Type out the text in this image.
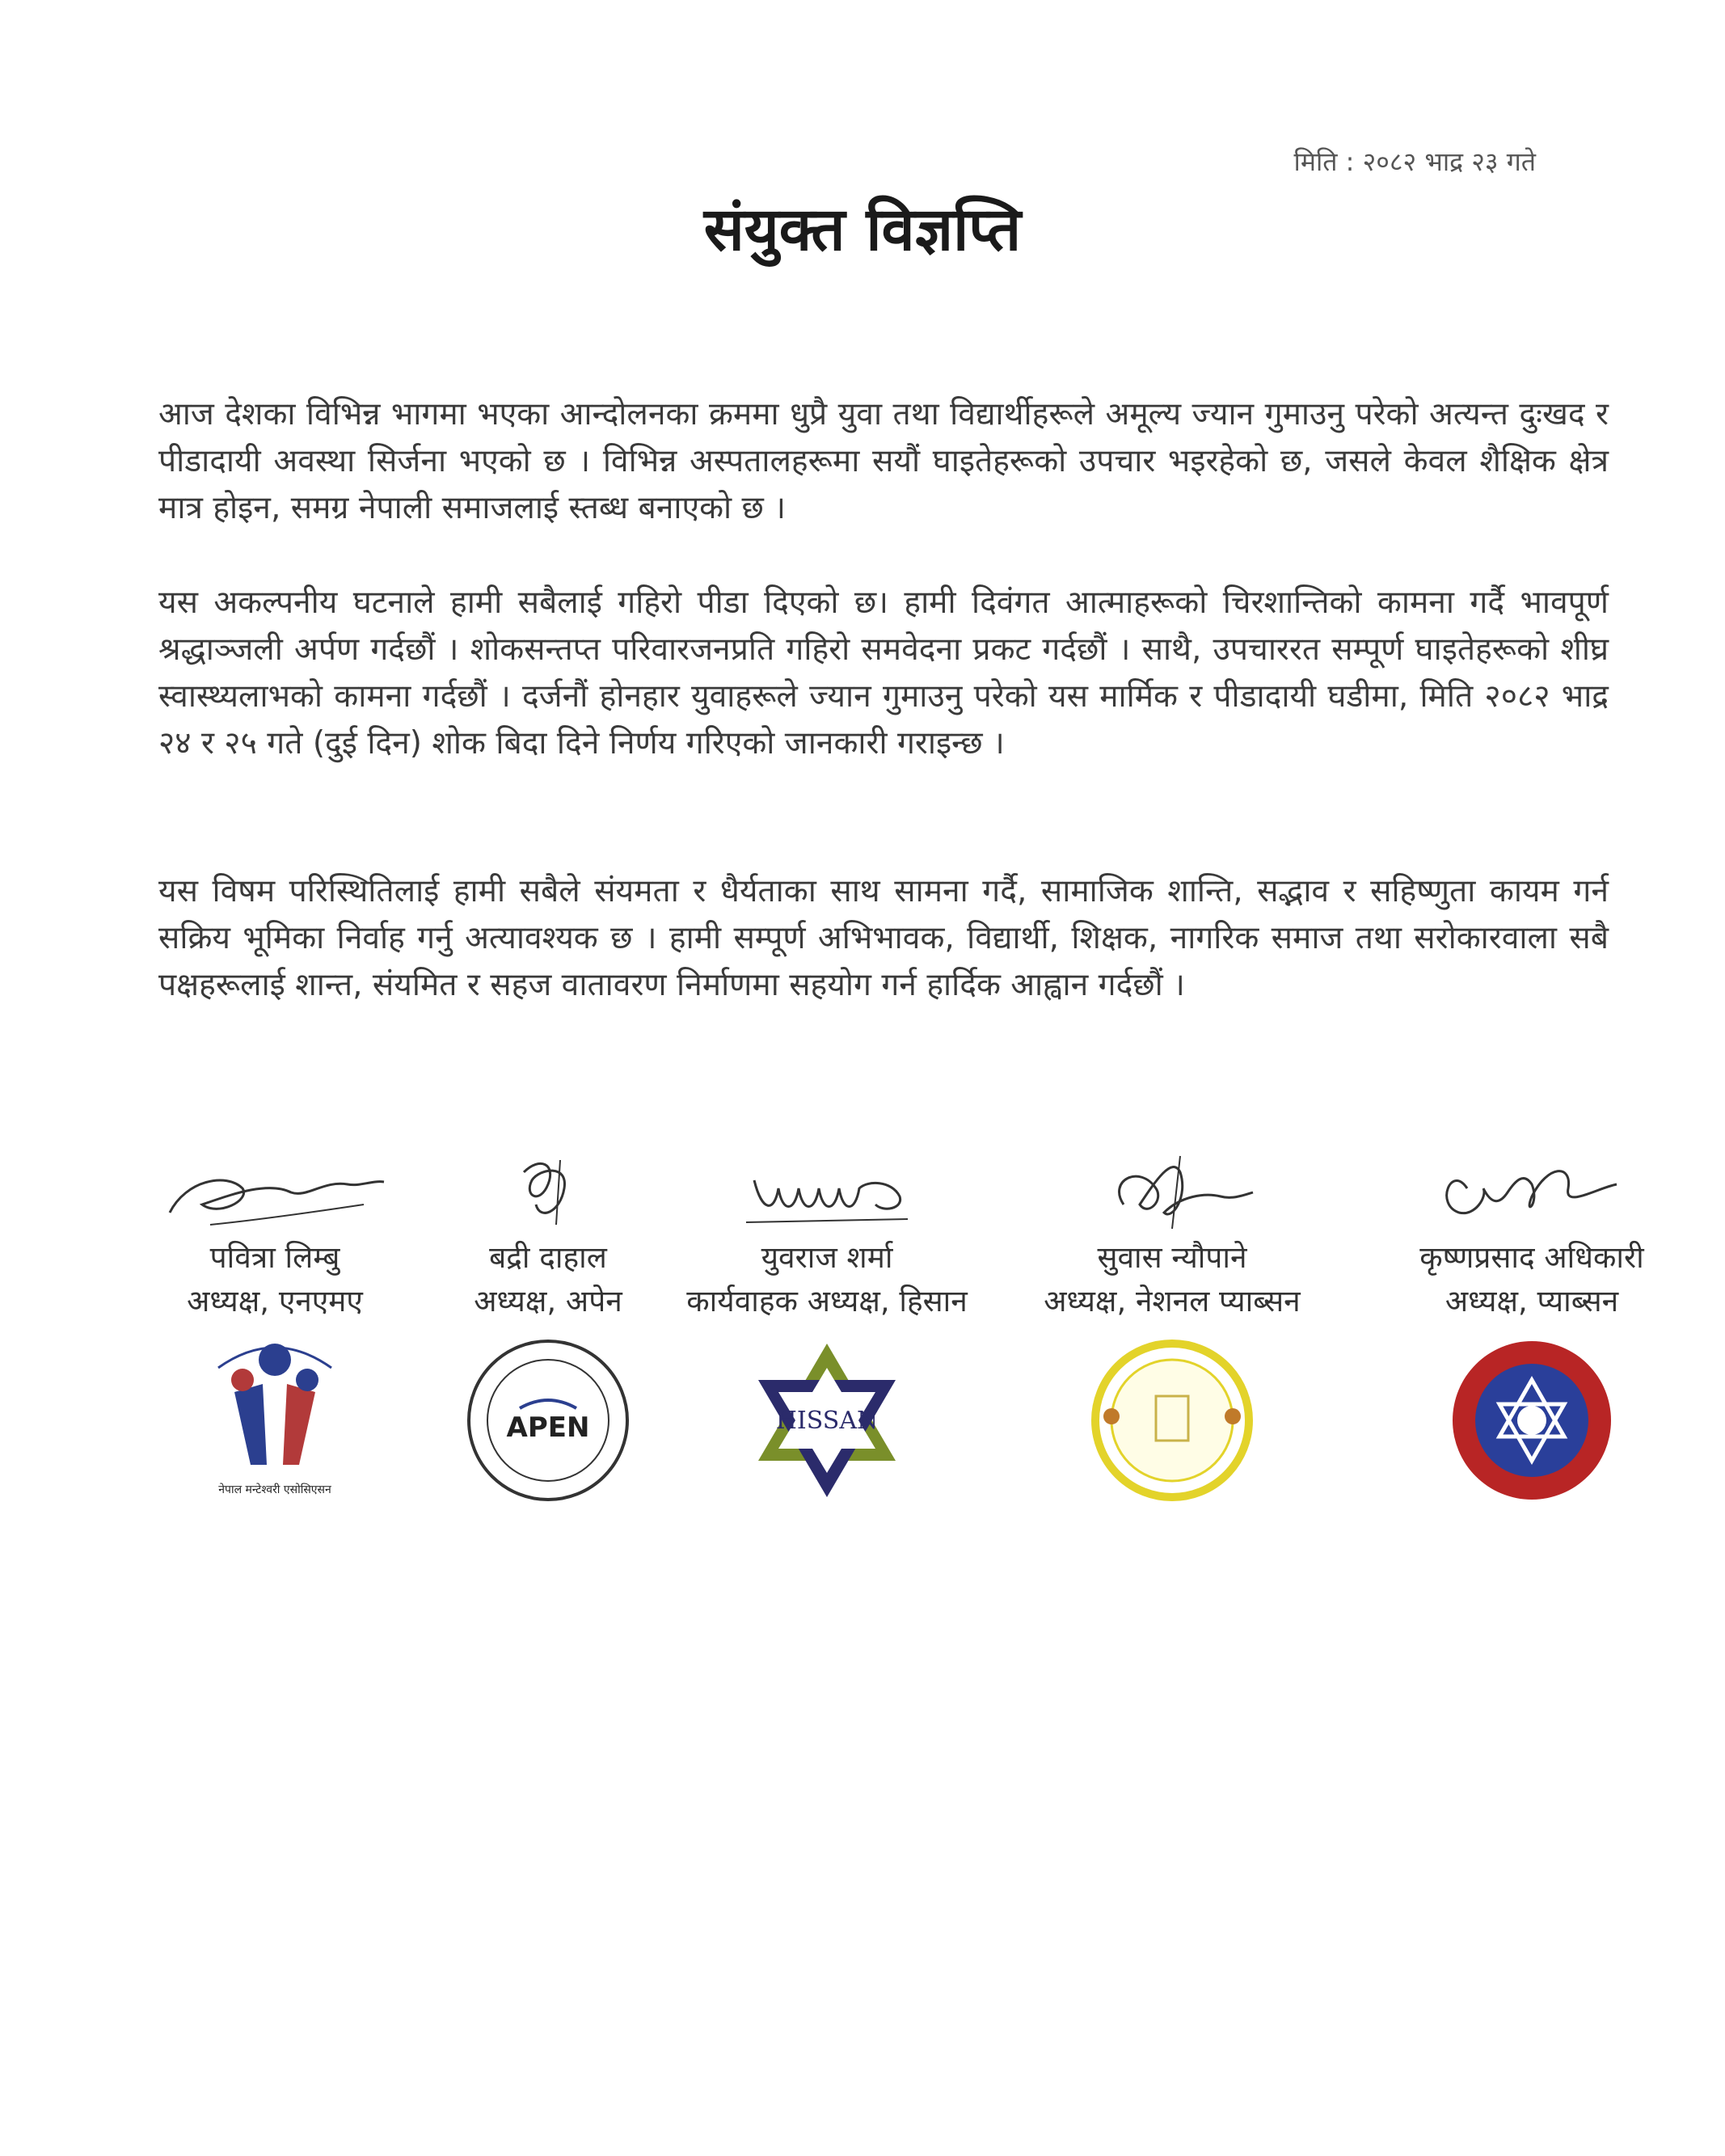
मिति : २०८२ भाद्र २३ गते
संयुक्त विज्ञप्ति

आज देशका विभिन्न भागमा भएका आन्दोलनका क्रममा धुप्रै युवा तथा विद्यार्थीहरूले अमूल्य ज्यान गुमाउनु परेको अत्यन्त दुःखद र पीडादायी अवस्था सिर्जना भएको छ । विभिन्न अस्पतालहरूमा सयौं घाइतेहरूको उपचार भइरहेको छ, जसले केवल शैक्षिक क्षेत्र मात्र होइन, समग्र नेपाली समाजलाई स्तब्ध बनाएको छ ।

यस अकल्पनीय घटनाले हामी सबैलाई गहिरो पीडा दिएको छ। हामी दिवंगत आत्माहरूको चिरशान्तिको कामना गर्दै भावपूर्ण श्रद्धाञ्जली अर्पण गर्दछौं । शोकसन्तप्त परिवारजनप्रति गहिरो समवेदना प्रकट गर्दछौं । साथै, उपचाररत सम्पूर्ण घाइतेहरूको शीघ्र स्वास्थ्यलाभको कामना गर्दछौं । दर्जनौं होनहार युवाहरूले ज्यान गुमाउनु परेको यस मार्मिक र पीडादायी घडीमा, मिति २०८२ भाद्र २४ र २५ गते (दुई दिन) शोक बिदा दिने निर्णय गरिएको जानकारी गराइन्छ ।

यस विषम परिस्थितिलाई हामी सबैले संयमता र धैर्यताका साथ सामना गर्दै, सामाजिक शान्ति, सद्भाव र सहिष्णुता कायम गर्न सक्रिय भूमिका निर्वाह गर्नु अत्यावश्यक छ । हामी सम्पूर्ण अभिभावक, विद्यार्थी, शिक्षक, नागरिक समाज तथा सरोकारवाला सबै पक्षहरूलाई शान्त, संयमित र सहज वातावरण निर्माणमा सहयोग गर्न हार्दिक आह्वान गर्दछौं ।

पवित्रा लिम्बु
अध्यक्ष, एनएमए
नेपाल मन्टेश्वरी एसोसिएसन
बद्री दाहाल
अध्यक्ष, अपेन
APEN
युवराज शर्मा
कार्यवाहक अध्यक्ष, हिसान
HISSAN
सुवास न्यौपाने
अध्यक्ष, नेशनल प्याब्सन
कृष्णप्रसाद अधिकारी
अध्यक्ष, प्याब्सन
